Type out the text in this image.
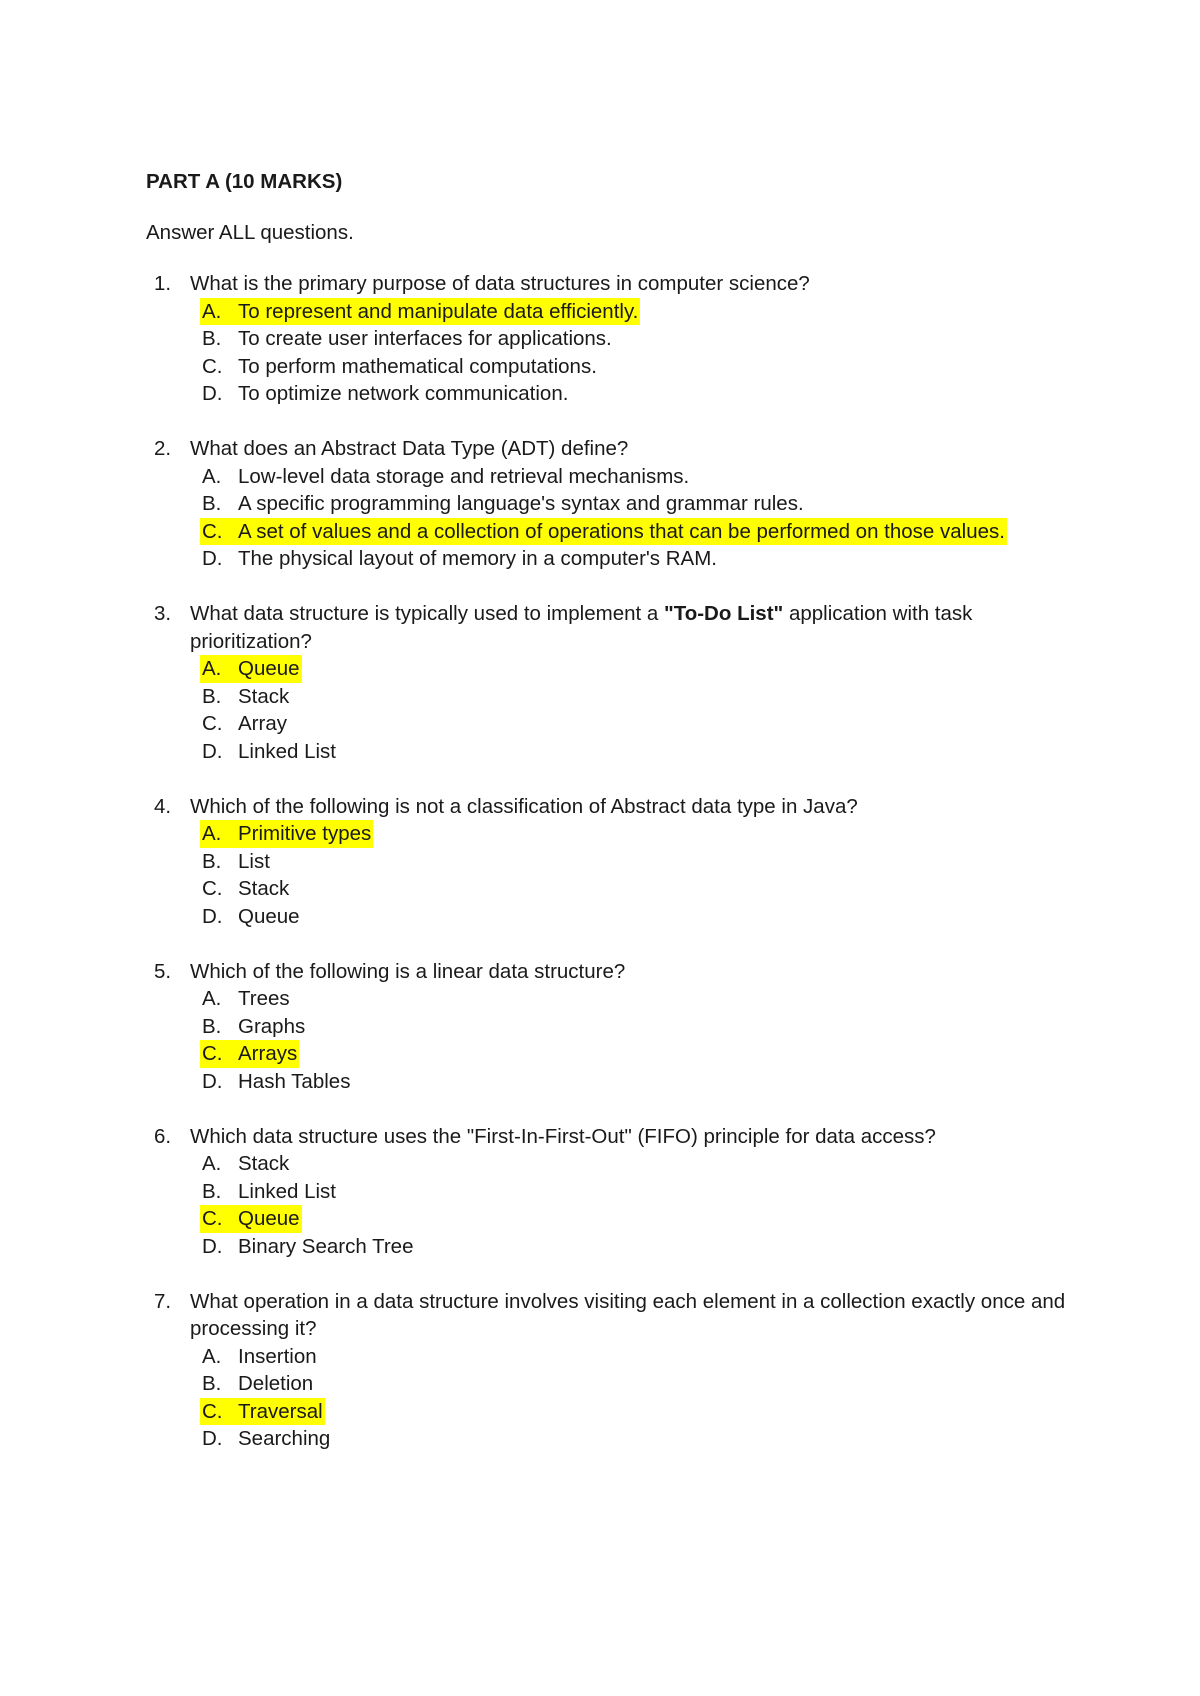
PART A (10 MARKS)

Answer ALL questions.

1. What is the primary purpose of data structures in computer science?
A. To represent and manipulate data efficiently.
B. To create user interfaces for applications.
C. To perform mathematical computations.
D. To optimize network communication.
2. What does an Abstract Data Type (ADT) define?
A. Low-level data storage and retrieval mechanisms.
B. A specific programming language's syntax and grammar rules.
C. A set of values and a collection of operations that can be performed on those values.
D. The physical layout of memory in a computer's RAM.
3. What data structure is typically used to implement a "To-Do List" application with task prioritization?
A. Queue
B. Stack
C. Array
D. Linked List
4. Which of the following is not a classification of Abstract data type in Java?
A. Primitive types
B. List
C. Stack
D. Queue
5. Which of the following is a linear data structure?
A. Trees
B. Graphs
C. Arrays
D. Hash Tables
6. Which data structure uses the "First-In-First-Out" (FIFO) principle for data access?
A. Stack
B. Linked List
C. Queue
D. Binary Search Tree
7. What operation in a data structure involves visiting each element in a collection exactly once and processing it?
A. Insertion
B. Deletion
C. Traversal
D. Searching
